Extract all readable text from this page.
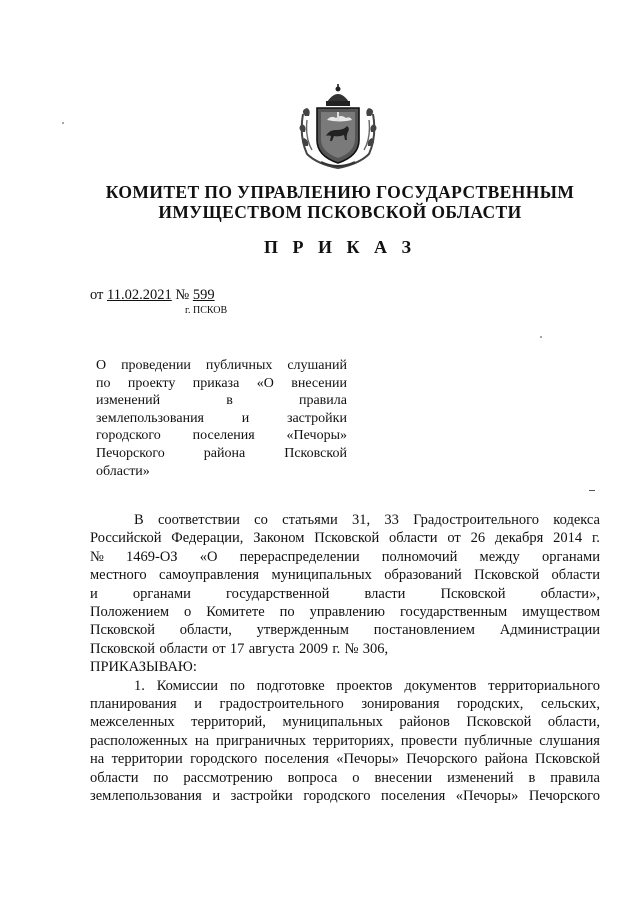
КОМИТЕТ ПО УПРАВЛЕНИЮ ГОСУДАРСТВЕННЫМ
ИМУЩЕСТВОМ ПСКОВСКОЙ ОБЛАСТИ
П Р И К А З
от 11.02.2021 № 599
г. ПСКОВ
О проведении публичных слушаний
по проекту приказа «О внесении
изменений	в	правила
землепользования	и	застройки
городского поселения «Печоры»
Печорского	района	Псковской
области»
В соответствии со статьями 31, 33 Градостроительного кодекса
Российской Федерации, Законом Псковской области от 26 декабря 2014 г.
№ 1469-ОЗ «О перераспределении полномочий между органами
местного самоуправления муниципальных образований Псковской области
и органами государственной власти Псковской области»,
Положением о Комитете по управлению государственным имуществом
Псковской области, утвержденным постановлением Администрации
Псковской области от 17 августа 2009 г. № 306,
ПРИКАЗЫВАЮ:
1. Комиссии по подготовке проектов документов территориального
планирования и градостроительного зонирования городских, сельских,
межселенных территорий, муниципальных районов Псковской области,
расположенных на приграничных территориях, провести публичные слушания
на территории городского поселения «Печоры» Печорского района Псковской
области по рассмотрению вопроса о внесении изменений в правила
землепользования и застройки городского поселения «Печоры» Печорского
